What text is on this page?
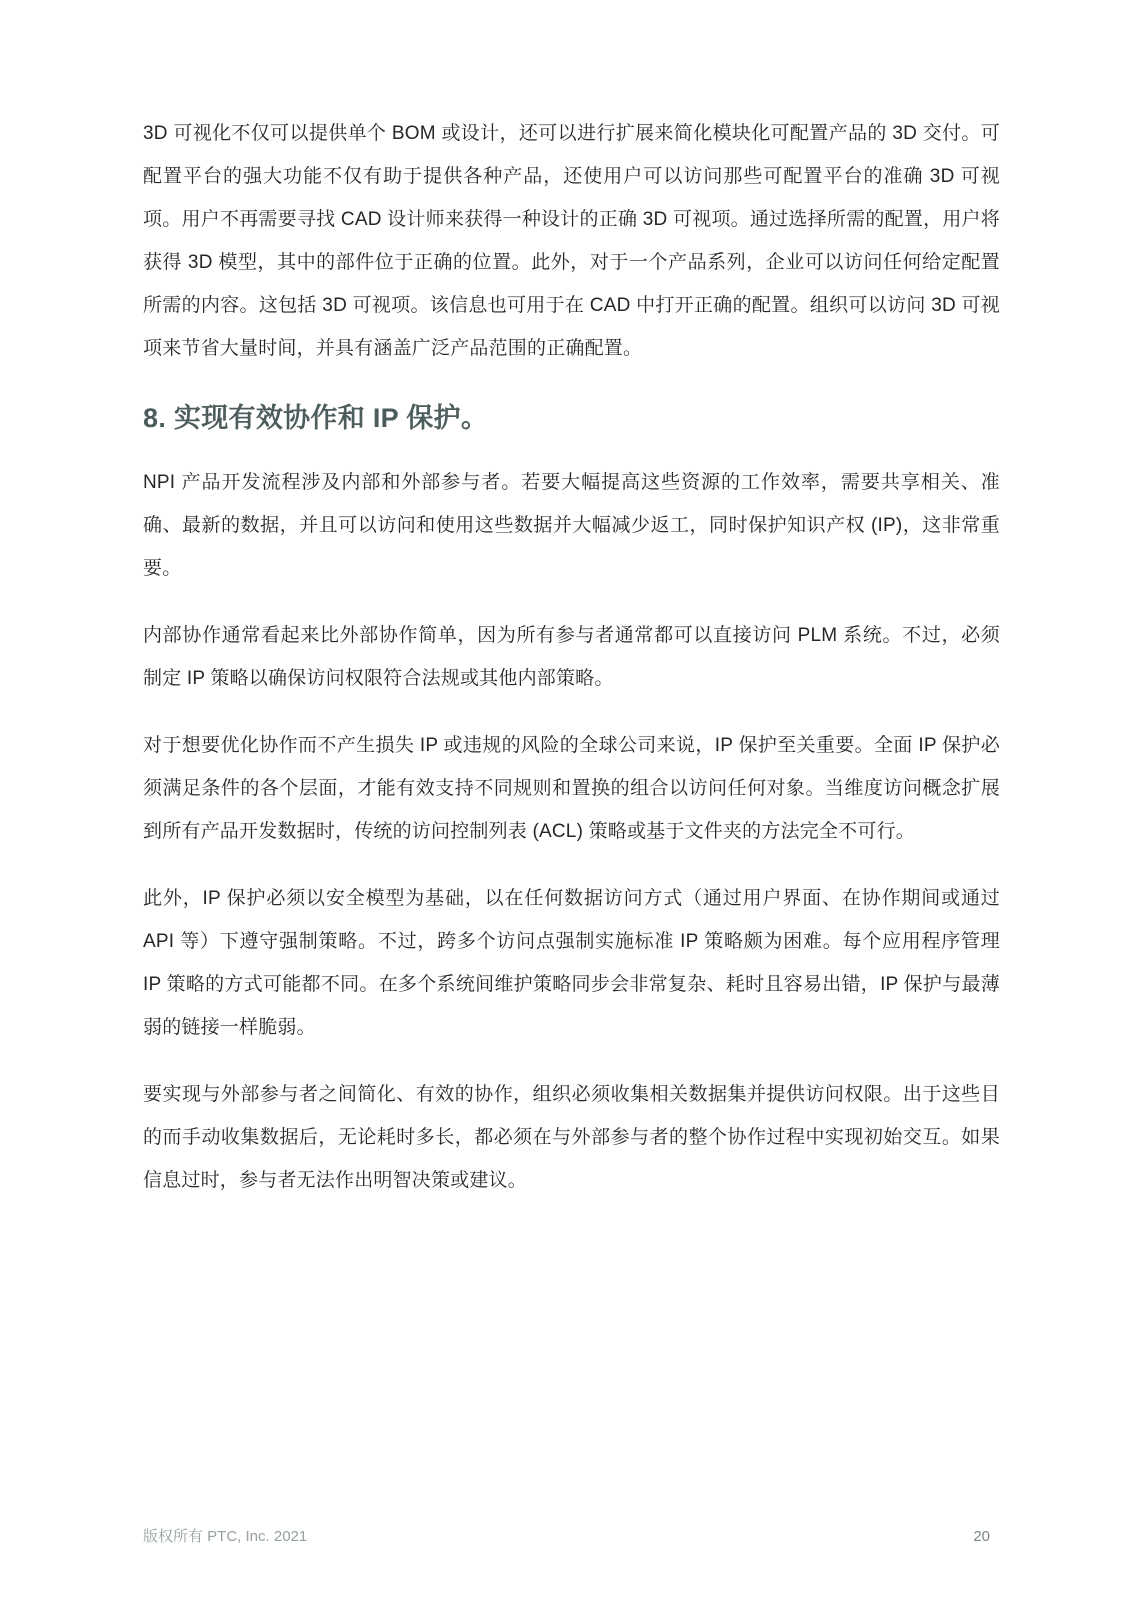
3D 可视化不仅可以提供单个 BOM 或设计，还可以进行扩展来简化模块化可配置产品的 3D 交付。可配置平台的强大功能不仅有助于提供各种产品，还使用户可以访问那些可配置平台的准确 3D 可视项。用户不再需要寻找 CAD 设计师来获得一种设计的正确 3D 可视项。通过选择所需的配置，用户将获得 3D 模型，其中的部件位于正确的位置。此外，对于一个产品系列，企业可以访问任何给定配置所需的内容。这包括 3D 可视项。该信息也可用于在 CAD 中打开正确的配置。组织可以访问 3D 可视项来节省大量时间，并具有涵盖广泛产品范围的正确配置。

8. 实现有效协作和 IP 保护。

NPI 产品开发流程涉及内部和外部参与者。若要大幅提高这些资源的工作效率，需要共享相关、准确、最新的数据，并且可以访问和使用这些数据并大幅减少返工，同时保护知识产权 (IP)，这非常重要。

内部协作通常看起来比外部协作简单，因为所有参与者通常都可以直接访问 PLM 系统。不过，必须制定 IP 策略以确保访问权限符合法规或其他内部策略。

对于想要优化协作而不产生损失 IP 或违规的风险的全球公司来说，IP 保护至关重要。全面 IP 保护必须满足条件的各个层面，才能有效支持不同规则和置换的组合以访问任何对象。当维度访问概念扩展到所有产品开发数据时，传统的访问控制列表 (ACL) 策略或基于文件夹的方法完全不可行。

此外，IP 保护必须以安全模型为基础，以在任何数据访问方式（通过用户界面、在协作期间或通过 API 等）下遵守强制策略。不过，跨多个访问点强制实施标准 IP 策略颇为困难。每个应用程序管理 IP 策略的方式可能都不同。在多个系统间维护策略同步会非常复杂、耗时且容易出错，IP 保护与最薄弱的链接一样脆弱。

要实现与外部参与者之间简化、有效的协作，组织必须收集相关数据集并提供访问权限。出于这些目的而手动收集数据后，无论耗时多长，都必须在与外部参与者的整个协作过程中实现初始交互。如果信息过时，参与者无法作出明智决策或建议。

版权所有 PTC, Inc. 2021	20
